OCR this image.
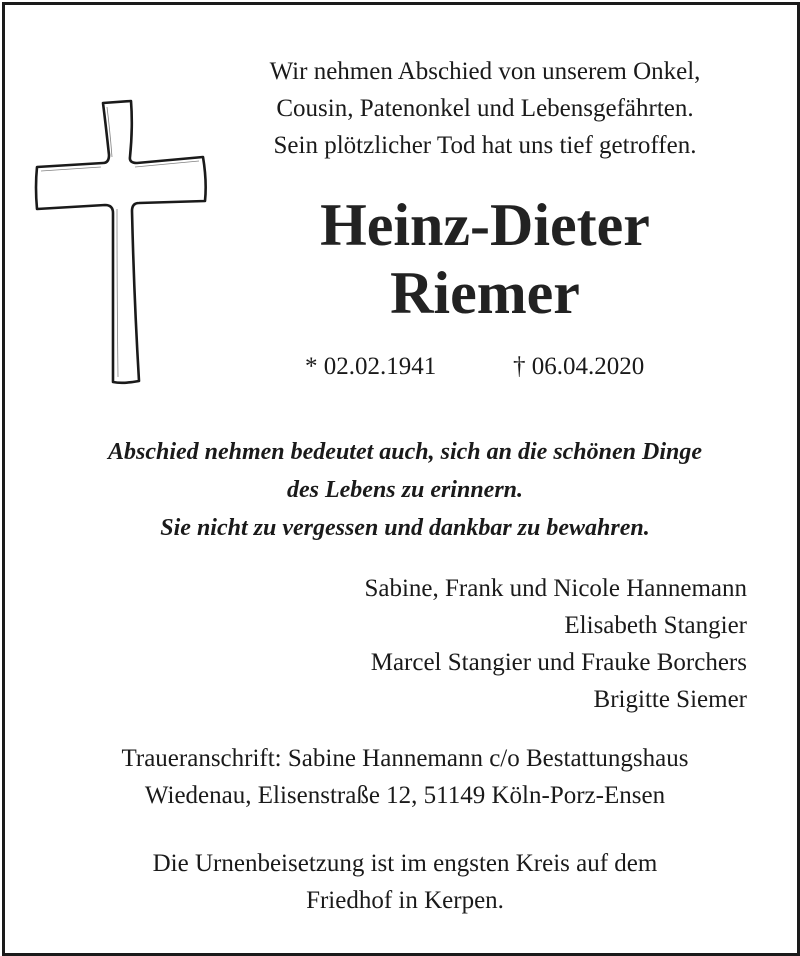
Wir nehmen Abschied von unserem Onkel,
Cousin, Patenonkel und Lebensgefährten.
Sein plötzlicher Tod hat uns tief getroffen.
Heinz-Dieter
Riemer
* 02.02.1941	† 06.04.2020
Abschied nehmen bedeutet auch, sich an die schönen Dinge
des Lebens zu erinnern.
Sie nicht zu vergessen und dankbar zu bewahren.
Sabine, Frank und Nicole Hannemann
Elisabeth Stangier
Marcel Stangier und Frauke Borchers
Brigitte Siemer
Traueranschrift: Sabine Hannemann c/o Bestattungshaus
Wiedenau, Elisenstraße 12, 51149 Köln-Porz-Ensen
Die Urnenbeisetzung ist im engsten Kreis auf dem
Friedhof in Kerpen.
